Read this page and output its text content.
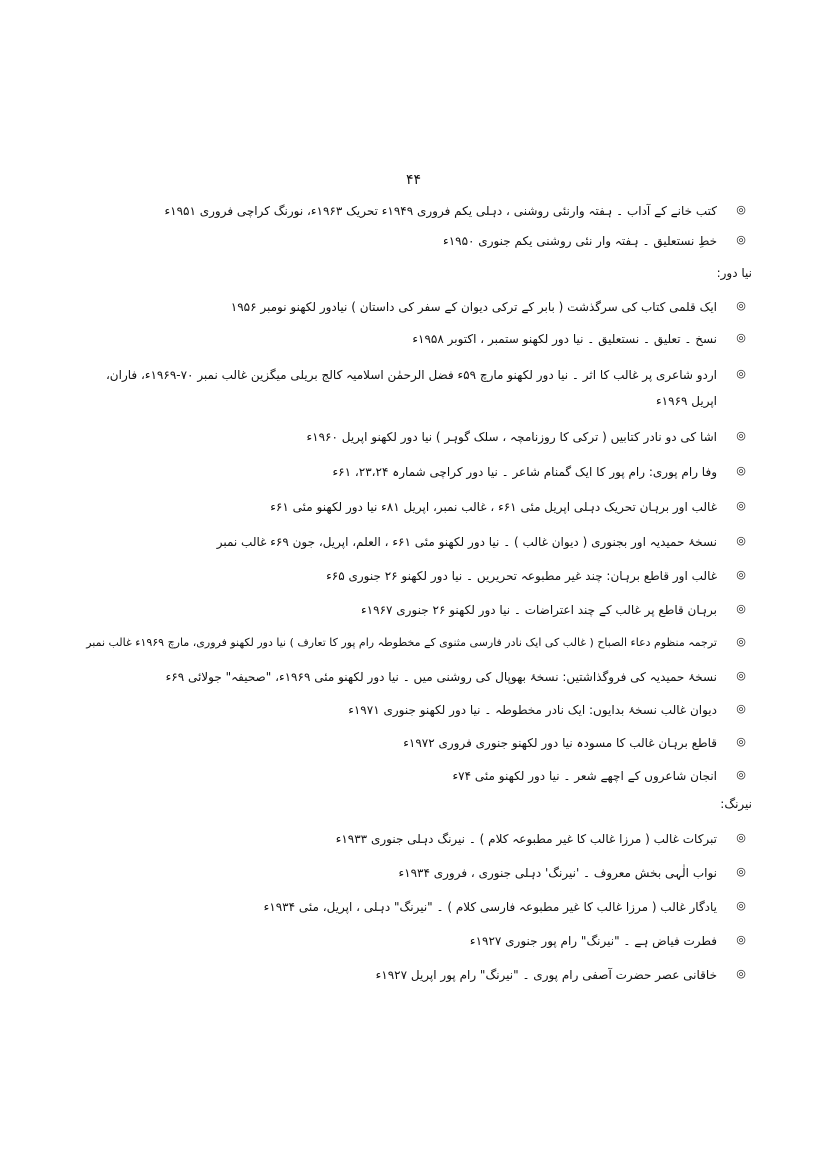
۴۴
◎
کتب خانے کے آداب ۔ ہفتہ وارنئی روشنی ، دہلی یکم فروری ۱۹۴۹ء تحریک ۱۹۶۳ء، نورنگ کراچی فروری ۱۹۵۱ء
◎
خطِ نستعلیق ۔ ہفتہ وار نئی روشنی یکم جنوری ۱۹۵۰ء
نیا دور:
◎
ایک قلمی کتاب کی سرگذشت ( بابر کے ترکی دیوان کے سفر کی داستان ) نیادور لکھنو نومبر ۱۹۵۶
◎
نسخ ۔ تعلیق ۔ نستعلیق ۔ نیا دور لکھنو ستمبر ، اکتوبر ۱۹۵۸ء
◎
اردو شاعری پر غالب کا اثر ۔ نیا دور لکھنو مارچ ۵۹ء فضل الرحمٰن اسلامیہ کالج بریلی میگزین غالب نمبر ۷۰-۱۹۶۹ء، فاران،
اپریل ۱۹۶۹ء
◎
اشا کی دو نادر کتابیں ( ترکی کا روزنامچہ ، سلک گوہر ) نیا دور لکھنو اپریل ۱۹۶۰ء
◎
وفا رام پوری: رام پور کا ایک گمنام شاعر ۔ نیا دور کراچی شمارہ ۲۳،۲۴، ۶۱ء
◎
غالب اور برہان تحریک دہلی اپریل مئی ۶۱ء ، غالب نمبر، اپریل ۸۱ء نیا دور لکھنو مئی ۶۱ء
◎
نسخۂ حمیدیہ اور بجنوری ( دیوان غالب ) ۔ نیا دور لکھنو مئی ۶۱ء ، العلم، اپریل، جون ۶۹ء غالب نمبر
◎
غالب اور قاطع برہان: چند غیر مطبوعہ تحریریں ۔ نیا دور لکھنو ۲۶ جنوری ۶۵ء
◎
برہان قاطع پر غالب کے چند اعتراضات ۔ نیا دور لکھنو ۲۶ جنوری ۱۹۶۷ء
◎
ترجمہ منظوم دعاء الصباح ( غالب کی ایک نادر فارسی مثنوی کے مخطوطہ رام پور کا تعارف ) نیا دور لکھنو فروری، مارچ ۱۹۶۹ء غالب نمبر
◎
نسخۂ حمیدیہ کی فروگذاشتیں: نسخۂ بھوپال کی روشنی میں ۔ نیا دور لکھنو مئی ۱۹۶۹ء، "صحیفہ" جولائی ۶۹ء
◎
دیوان غالب نسخۂ بدایوں: ایک نادر مخطوطہ ۔ نیا دور لکھنو جنوری ۱۹۷۱ء
◎
قاطع برہان غالب کا مسودہ نیا دور لکھنو جنوری فروری ۱۹۷۲ء
◎
انجان شاعروں کے اچھے شعر ۔ نیا دور لکھنو مئی ۷۴ء
نیرنگ:
◎
تبرکات غالب ( مرزا غالب کا غیر مطبوعہ کلام ) ۔ نیرنگ دہلی جنوری ۱۹۳۳ء
◎
نواب الٰہی بخش معروف ۔ 'نیرنگ' دہلی جنوری ، فروری ۱۹۳۴ء
◎
یادگار غالب ( مرزا غالب کا غیر مطبوعہ فارسی کلام ) ۔ "نیرنگ" دہلی ، اپریل، مئی ۱۹۳۴ء
◎
فطرت فیاض ہے ۔ "نیرنگ" رام پور جنوری ۱۹۲۷ء
◎
خاقانی عصر حضرت آصفی رام پوری ۔ "نیرنگ" رام پور اپریل ۱۹۲۷ء
